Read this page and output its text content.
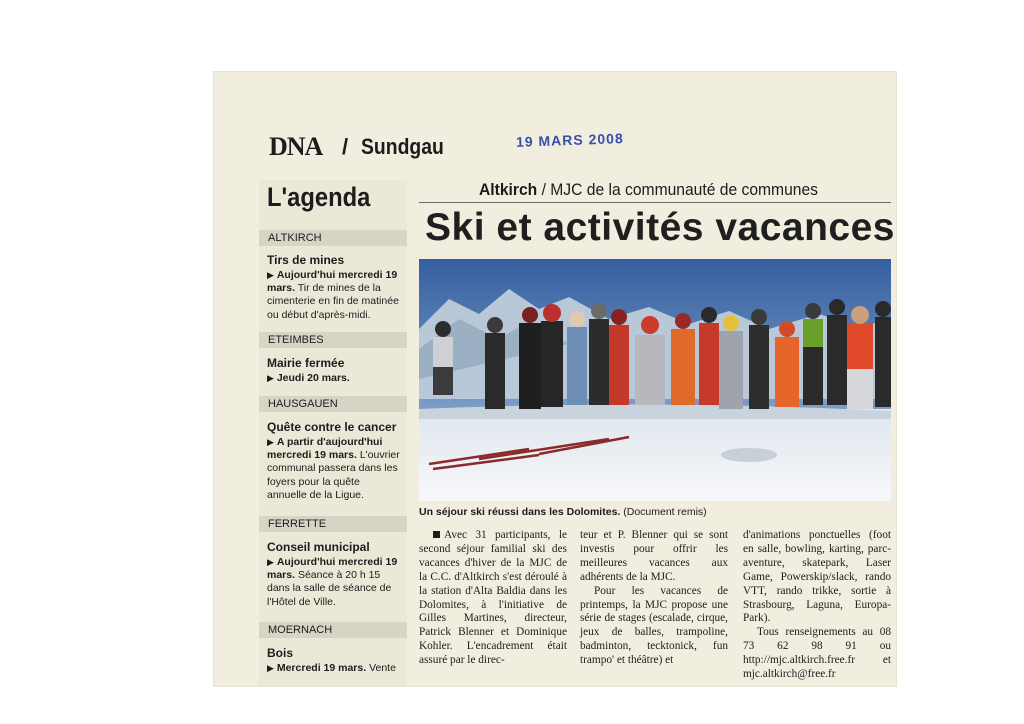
DNA / Sundgau	19 MARS 2008
L'agenda
ALTKIRCH
Tirs de mines
▶ Aujourd'hui mercredi 19 mars. Tir de mines de la cimenterie en fin de matinée ou début d'après-midi.
ETEIMBES
Mairie fermée
▶ Jeudi 20 mars.
HAUSGAUEN
Quête contre le cancer
▶ A partir d'aujourd'hui mercredi 19 mars. L'ouvrier communal passera dans les foyers pour la quête annuelle de la Ligue.
FERRETTE
Conseil municipal
▶ Aujourd'hui mercredi 19 mars. Séance à 20 h 15 dans la salle de séance de l'Hôtel de Ville.
MOERNACH
Bois
▶ Mercredi 19 mars. Vente
Altkirch / MJC de la communauté de communes
Ski et activités vacances
Un séjour ski réussi dans les Dolomites. (Document remis)

Avec 31 participants, le second séjour familial ski des vacances d'hiver de la MJC de la C.C. d'Altkirch s'est déroulé à la station d'Alta Baldia dans les Dolomites, à l'initiative de Gilles Martines, directeur, Patrick Blenner et Dominique Kohler. L'encadrement était assuré par le direc-

teur et P. Blenner qui se sont investis pour offrir les meilleures vacances aux adhérents de la MJC.

Pour les vacances de printemps, la MJC propose une série de stages (escalade, cirque, jeux de balles, trampoline, badminton, tecktonick, fun trampo' et théâtre) et

d'animations ponctuelles (foot en salle, bowling, karting, parc-aventure, skatepark, Laser Game, Powerskip/slack, rando VTT, rando trikke, sortie à Strasbourg, Laguna, Europa-Park).

Tous renseignements au 08 73 62 98 91 ou http://mjc.altkirch.free.fr et mjc.altkirch@free.fr
